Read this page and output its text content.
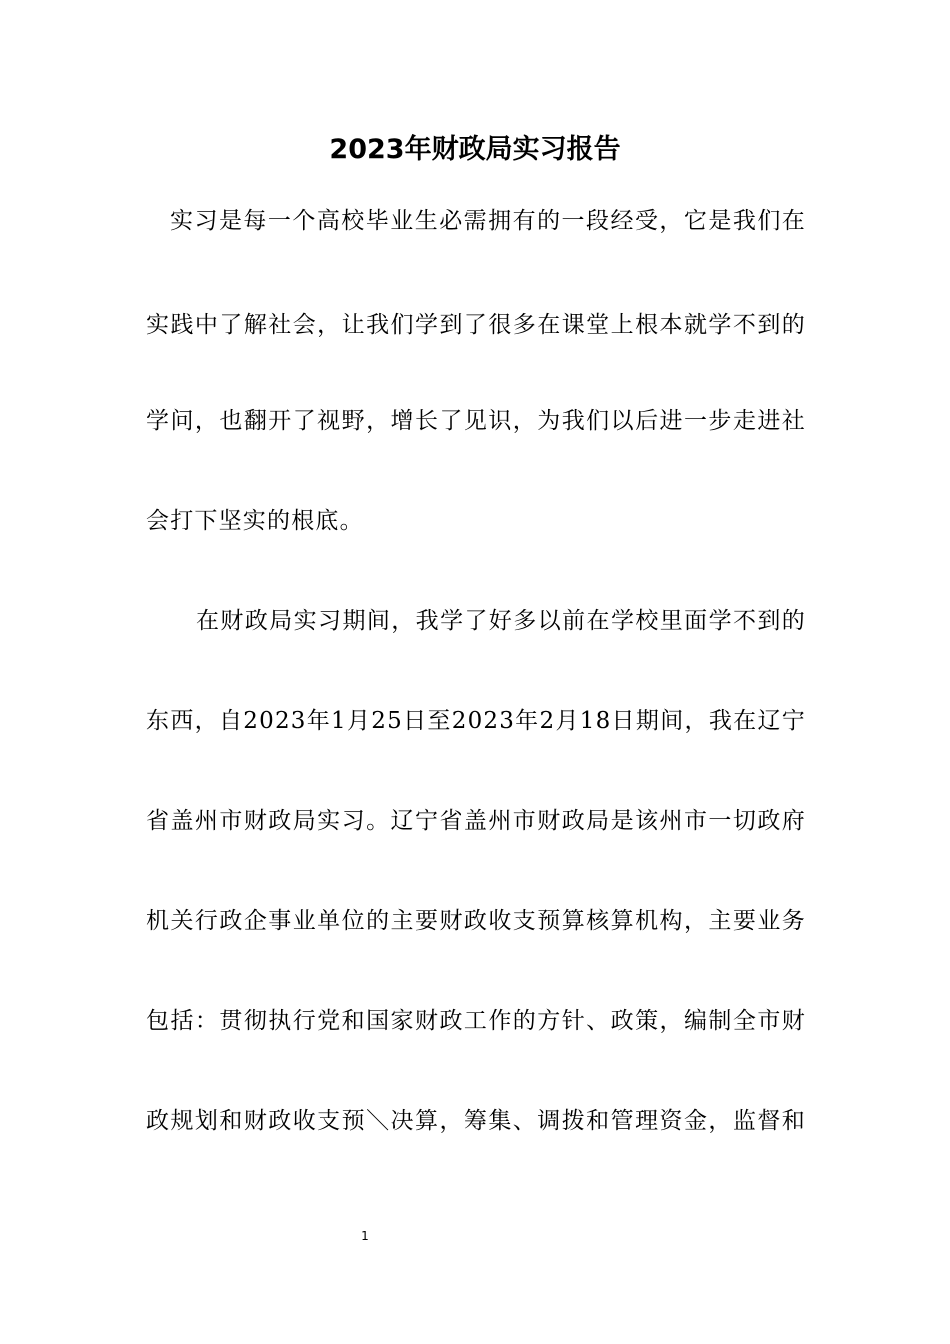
2023年财政局实习报告
实习是每一个高校毕业生必需拥有的一段经受，它是我们在
实践中了解社会，让我们学到了很多在课堂上根本就学不到的
学问，也翻开了视野，增长了见识，为我们以后进一步走进社
会打下坚实的根底。
在财政局实习期间，我学了好多以前在学校里面学不到的
东西，自2023年1月25日至2023年2月18日期间，我在辽宁
省盖州市财政局实习。辽宁省盖州市财政局是该州市一切政府
机关行政企事业单位的主要财政收支预算核算机构，主要业务
包括：贯彻执行党和国家财政工作的方针、政策，编制全市财
政规划和财政收支预＼决算，筹集、调拨和管理资金，监督和
1
